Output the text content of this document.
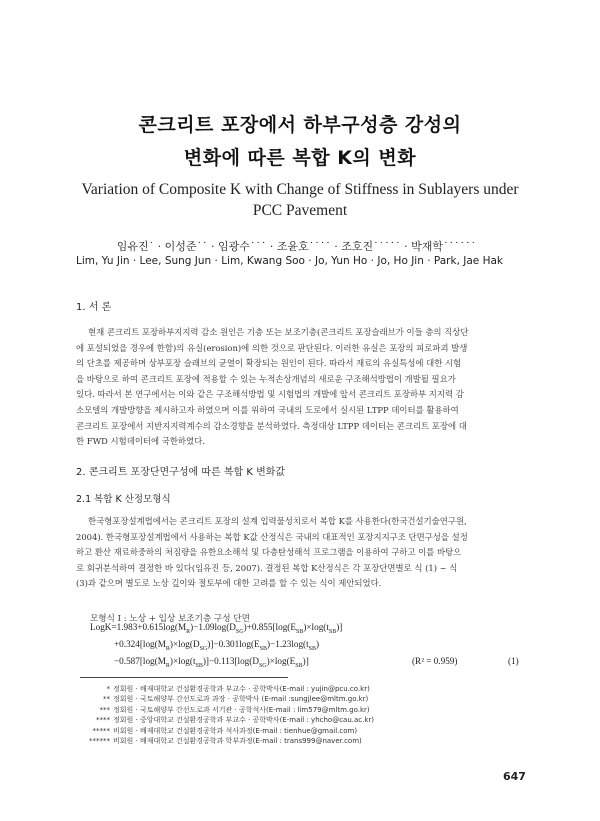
콘크리트 포장에서 하부구성층 강성의
변화에 따른 복합 K의 변화
Variation of Composite K with Change of Stiffness in Sublayers under
PCC Pavement
임유진˙ · 이성준˙˙ · 임광수˙˙˙ · 조윤호˙˙˙˙ · 조호진˙˙˙˙˙ · 박재학˙˙˙˙˙˙
Lim, Yu Jin · Lee, Sung Jun · Lim, Kwang Soo · Jo, Yun Ho · Jo, Ho Jin · Park, Jae Hak
1. 서 론
현재 콘크리트 포장하부지지력 감소 원인은 기층 또는 보조기층(콘크리트 포장슬래브가 이들 층의 직상단
에 포설되었을 경우에 한함)의 유실(erosion)에 의한 것으로 판단된다. 이러한 유실은 포장의 피로파괴 발생
의 단초를 제공하며 상부포장 슬래브의 균열이 확장되는 원인이 된다. 따라서 재료의 유실특성에 대한 시험
을 바탕으로 하여 콘크리트 포장에 적용할 수 있는 누적손상개념의 새로운 구조해석방법이 개발될 필요가
있다. 따라서 본 연구에서는 이와 같은 구조해석방법 및 시험법의 개발에 앞서 콘크리트 포장하부 지지력 감
소모델의 개발방향을 제시하고자 하였으며 이를 위하여 국내의 도로에서 실시된 LTPP 데이터를 활용하여
콘크리트 포장에서 지반지지력계수의 감소경향을 분석하였다. 측정대상 LTPP 데이터는 콘크리트 포장에 대
한 FWD 시험데이터에 국한하였다.
2. 콘크리트 포장단면구성에 따른 복합 K 변화값
2.1 복합 K 산정모형식
한국형포장설계법에서는 콘크리트 포장의 설계 입력물성치로서 복합 K를 사용한다(한국건설기술연구원,
2004). 한국형포장설계법에서 사용하는 복합 K값 산정식은 국내의 대표적인 포장지지구조 단면구성을 설정
하고 환산 재료하중하의 처짐량을 유한요소해석 및 다층탄성해석 프로그램을 이용하여 구하고 이를 바탕으
로 회귀분석하여 결정한 바 있다(임유진 등, 2007). 결정된 복합 K산정식은 각 포장단면별로 식 (1) ~ 식
(3)과 같으며 별도로 노상 깊이와 절토부에 대한 고려를 할 수 있는 식이 제안되었다.
모형식 Ⅰ : 노상 + 입상 보조기층 구성 단면
$LogK=1.983+0.615\log(M_R)-1.09\log(D_{SG})+0.855[\log(E_{SB})\times\log(t_{SB})]$
$+0.324[\log(M_R)\times\log(D_{SG})]-0.301\log(E_{SB})-1.23\log(t_{SB})$
$-0.587[\log(M_R)\times\log(t_{SB})]-0.113[\log(D_{SG})\times\log(E_{SB})]$	(R² = 0.959)	(1)
* 정회원 · 배재대학교 건설환경공학과 부교수 · 공학박사(E-mail : yujin@pcu.co.kr)
** 정회원 · 국토해양부 간선도로과 과장 · 공학박사 (E-mail :sungjlee@mltm.go.kr)
*** 정회원 · 국토해양부 간선도로과 서기관 · 공학석사(E-mail : lim579@mltm.go.kr)
**** 정회원 · 중앙대학교 건설환경공학과 부교수 · 공학박사(E-mail : yhcho@cau.ac.kr)
***** 비회원 · 배재대학교 건설환경공학과 석사과정(E-mail : tienhue@gmail.com)
****** 비회원 · 배재대학교 건설환경공학과 학부과정(E-mail : trans999@naver.com)
647
